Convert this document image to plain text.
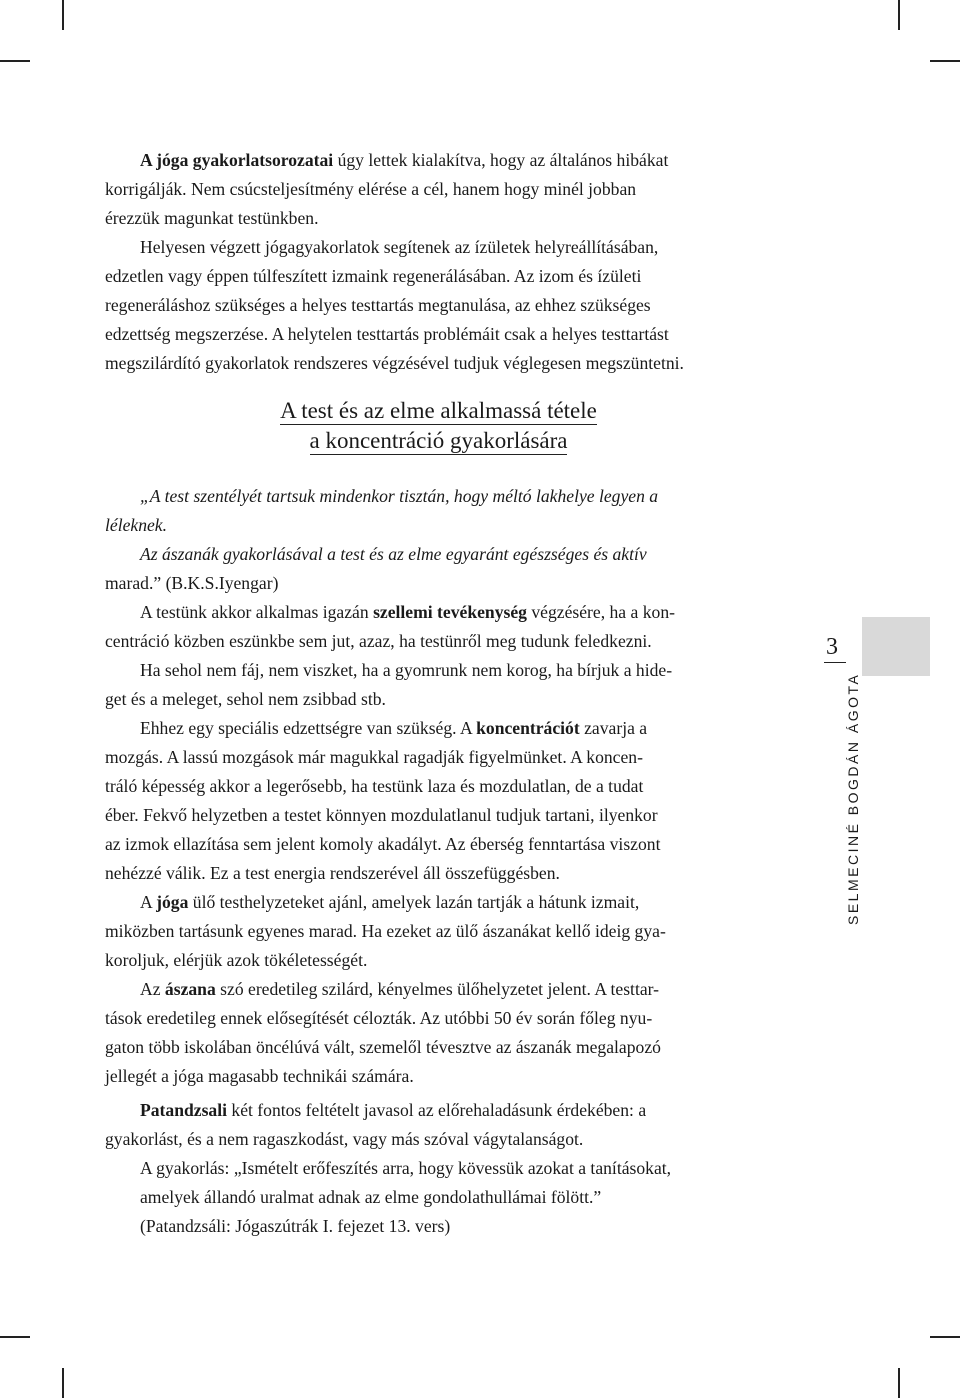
A jóga gyakorlatsorozatai úgy lettek kialakítva, hogy az általános hibákat
korrigálják. Nem csúcsteljesítmény elérése a cél, hanem hogy minél jobban
érezzük magunkat testünkben.
Helyesen végzett jógagyakorlatok segítenek az ízületek helyreállításában,
edzetlen vagy éppen túlfeszített izmaink regenerálásában. Az izom és ízületi
regeneráláshoz szükséges a helyes testtartás megtanulása, az ehhez szükséges
edzettség megszerzése. A helytelen testtartás problémáit csak a helyes testtartást
megszilárdító gyakorlatok rendszeres végzésével tudjuk véglegesen megszüntetni.
A test és az elme alkalmassá tétele
a koncentráció gyakorlására
„A test szentélyét tartsuk mindenkor tisztán, hogy méltó lakhelye legyen a
léleknek.
Az ászanák gyakorlásával a test és az elme egyaránt egészséges és aktív
marad.” (B.K.S.Iyengar)
A testünk akkor alkalmas igazán szellemi tevékenység végzésére, ha a kon-
centráció közben eszünkbe sem jut, azaz, ha testünről meg tudunk feledkezni.
Ha sehol nem fáj, nem viszket, ha a gyomrunk nem korog, ha bírjuk a hide-
get és a meleget, sehol nem zsibbad stb.
Ehhez egy speciális edzettségre van szükség. A koncentrációt zavarja a
mozgás. A lassú mozgások már magukkal ragadják figyelmünket. A koncen-
tráló képesség akkor a legerősebb, ha testünk laza és mozdulatlan, de a tudat
éber. Fekvő helyzetben a testet könnyen mozdulatlanul tudjuk tartani, ilyenkor
az izmok ellazítása sem jelent komoly akadályt. Az éberség fenntartása viszont
nehézzé válik. Ez a test energia rendszerével áll összefüggésben.
A jóga ülő testhelyzeteket ajánl, amelyek lazán tartják a hátunk izmait,
miközben tartásunk egyenes marad. Ha ezeket az ülő ászanákat kellő ideig gya-
koroljuk, elérjük azok tökéletességét.
Az ászana szó eredetileg szilárd, kényelmes ülőhelyzetet jelent. A testtar-
tások eredetileg ennek elősegítését célozták. Az utóbbi 50 év során főleg nyu-
gaton több iskolában öncélúvá vált, szemelől tévesztve az ászanák megalapozó
jellegét a jóga magasabb technikái számára.
Patandzsali két fontos feltételt javasol az előrehaladásunk érdekében: a
gyakorlást, és a nem ragaszkodást, vagy más szóval vágytalanságot.
A gyakorlás: „Ismételt erőfeszítés arra, hogy kövessük azokat a tanításokat,
amelyek állandó uralmat adnak az elme gondolathullámai fölött.”
(Patandzsáli: Jógaszútrák I. fejezet 13. vers)
3
SELMECINÉ BOGDÁN ÁGOTA
